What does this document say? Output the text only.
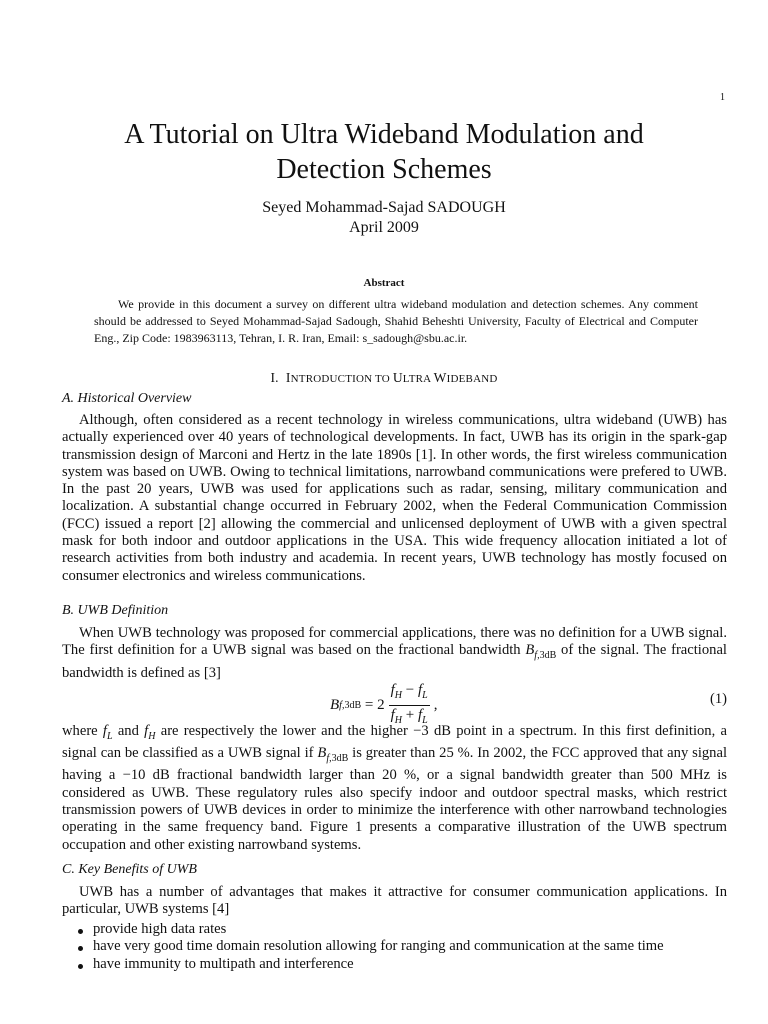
1
A Tutorial on Ultra Wideband Modulation and
Detection Schemes
Seyed Mohammad-Sajad SADOUGH
April 2009
Abstract
We provide in this document a survey on different ultra wideband modulation and detection schemes. Any comment should be addressed to Seyed Mohammad-Sajad Sadough, Shahid Beheshti University, Faculty of Electrical and Computer Eng., Zip Code: 1983963113, Tehran, I. R. Iran, Email: s_sadough@sbu.ac.ir.
I. INTRODUCTION TO ULTRA WIDEBAND
A. Historical Overview

Although, often considered as a recent technology in wireless communications, ultra wideband (UWB) has actually experienced over 40 years of technological developments. In fact, UWB has its origin in the spark-gap transmission design of Marconi and Hertz in the late 1890s [1]. In other words, the first wireless communication system was based on UWB. Owing to technical limitations, narrowband communications were prefered to UWB. In the past 20 years, UWB was used for applications such as radar, sensing, military communication and localization. A substantial change occurred in February 2002, when the Federal Communication Commission (FCC) issued a report [2] allowing the commercial and unlicensed deployment of UWB with a given spectral mask for both indoor and outdoor applications in the USA. This wide frequency allocation initiated a lot of research activities from both industry and academia. In recent years, UWB technology has mostly focused on consumer electronics and wireless communications.

B. UWB Definition

When UWB technology was proposed for commercial applications, there was no definition for a UWB signal. The first definition for a UWB signal was based on the fractional bandwidth $B_{f,3dB}$ of the signal. The fractional bandwidth is defined as [3]

B $f,3dB = 2 \frac{f_H - f_L}{f_H + f_L}$ ,	(1)

where $f_L$ and $f_H$ are respectively the lower and the higher −3 dB point in a spectrum. In this first definition, a signal can be classified as a UWB signal if $B_{f,3dB}$ is greater than 25 %. In 2002, the FCC approved that any signal having a −10 dB fractional bandwidth larger than 20 %, or a signal bandwidth greater than 500 MHz is considered as UWB. These regulatory rules also specify indoor and outdoor spectral masks, which restrict transmission powers of UWB devices in order to minimize the interference with other narrowband technologies operating in the same frequency band. Figure 1 presents a comparative illustration of the UWB spectrum occupation and other existing narrowband systems.

C. Key Benefits of UWB

UWB has a number of advantages that makes it attractive for consumer communication applications. In particular, UWB systems [4]

provide high data rates
have very good time domain resolution allowing for ranging and communication at the same time
have immunity to multipath and interference
